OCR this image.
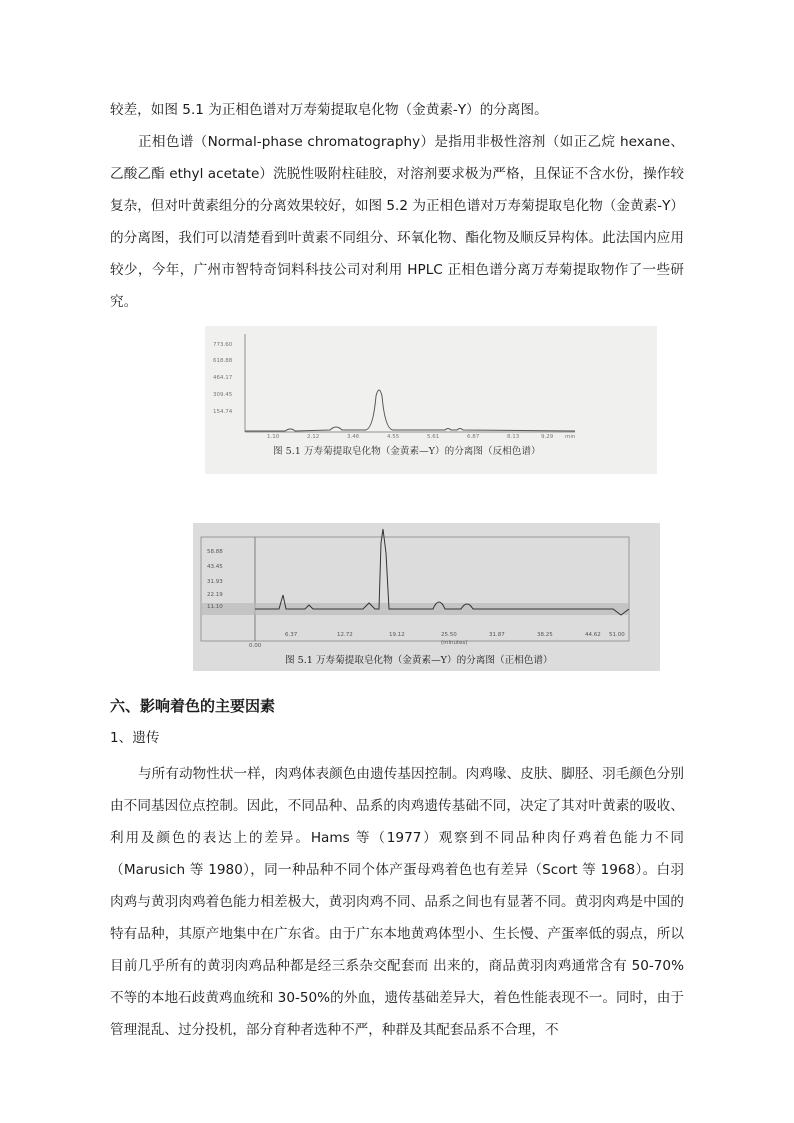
较差，如图 5.1 为正相色谱对万寿菊提取皂化物（金黄素-Y）的分离图。

正相色谱（Normal-phase chromatography）是指用非极性溶剂（如正乙烷 hexane、乙酸乙酯 ethyl acetate）洗脱性吸附柱硅胶，对溶剂要求极为严格，且保证不含水份，操作较复杂，但对叶黄素组分的分离效果较好，如图 5.2 为正相色谱对万寿菊提取皂化物（金黄素-Y）的分离图，我们可以清楚看到叶黄素不同组分、环氧化物、酯化物及顺反异构体。此法国内应用较少，今年，广州市智特奇饲料科技公司对利用 HPLC 正相色谱分离万寿菊提取物作了一些研究。

773.60
618.88
464.17
309.45
154.74
1.10	2.12	3.46	4.55	5.61	6.87	8.13	9.29 min
图 5.1 万寿菊提取皂化物（金黄素—Y）的分离图（反相色谱）
58.88
43.45
31.93
22.19
11.10
0.00
6.37	12.72	19.12	25.50	31.87	38.25	44.62 51.00
(minutes)
图 5.1 万寿菊提取皂化物（金黄素—Y）的分离图（正相色谱）
六、影响着色的主要因素
1、遗传

与所有动物性状一样，肉鸡体表颜色由遗传基因控制。肉鸡喙、皮肤、脚胫、羽毛颜色分别由不同基因位点控制。因此，不同品种、品系的肉鸡遗传基础不同，决定了其对叶黄素的吸收、利用及颜色的表达上的差异。Hams 等（1977）观察到不同品种肉仔鸡着色能力不同（Marusich 等 1980），同一种品种不同个体产蛋母鸡着色也有差异（Scort 等 1968）。白羽肉鸡与黄羽肉鸡着色能力相差极大，黄羽肉鸡不同、品系之间也有显著不同。黄羽肉鸡是中国的特有品种，其原产地集中在广东省。由于广东本地黄鸡体型小、生长慢、产蛋率低的弱点，所以目前几乎所有的黄羽肉鸡品种都是经三系杂交配套而 出来的，商品黄羽肉鸡通常含有 50-70%不等的本地石歧黄鸡血统和 30-50%的外血，遗传基础差异大，着色性能表现不一。同时，由于管理混乱、过分投机，部分育种者选种不严，种群及其配套品系不合理，不
